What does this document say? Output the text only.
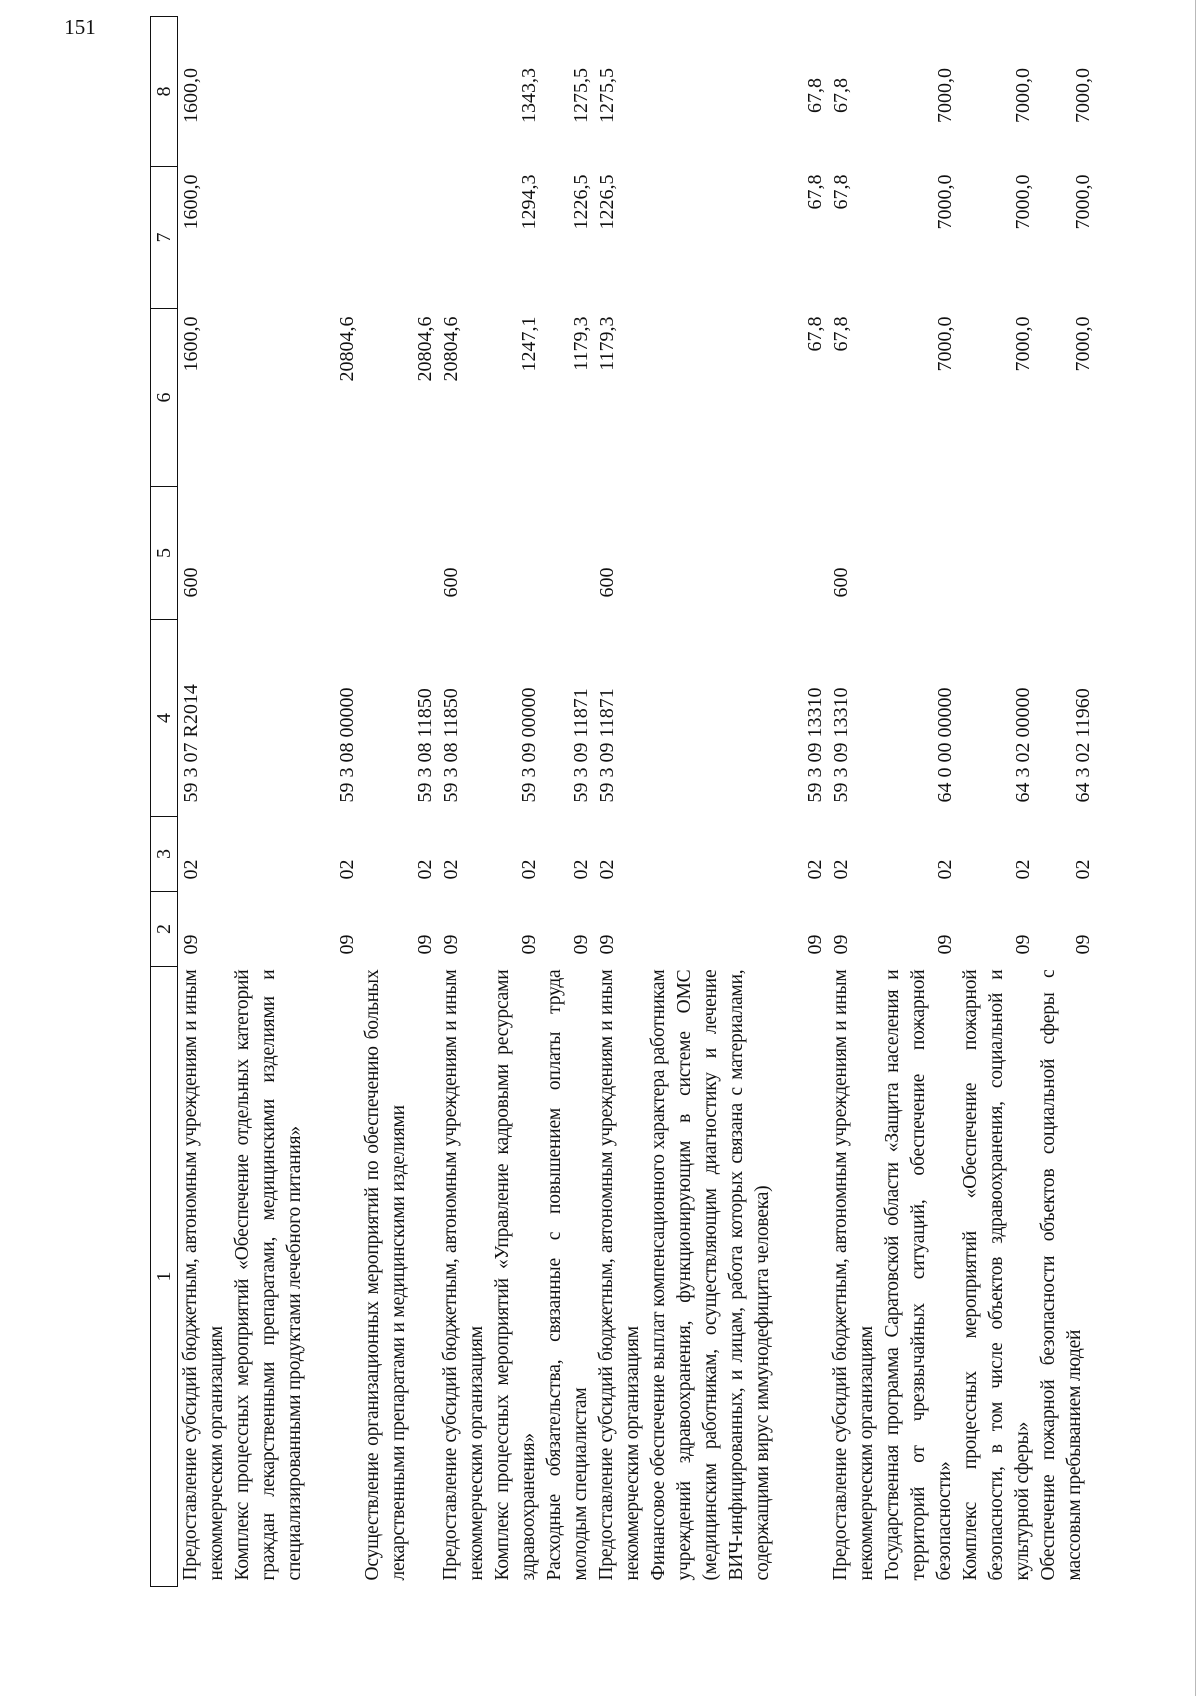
151
1	2	3	4	5	6	7	8
Предоставление субсидий бюджетным, автономным учреждениям и иным некоммерческим организациям	09	02	59 3 07 R2014	600	1600,0	1600,0	1600,0
Комплекс процессных мероприятий «Обеспечение отдельных категорий граждан лекарственными препаратами, медицинскими изделиями и специализированными продуктами лечебного питания»	09	02	59 3 08 00000		20804,6		
Осуществление организационных мероприятий по обеспечению больных лекарственными препаратами и медицинскими изделиями	09	02	59 3 08 11850		20804,6		
Предоставление субсидий бюджетным, автономным учреждениям и иным некоммерческим организациям	09	02	59 3 08 11850	600	20804,6		
Комплекс процессных мероприятий «Управление кадровыми ресурсами здравоохранения»	09	02	59 3 09 00000		1247,1	1294,3	1343,3
Расходные обязательства, связанные с повышением оплаты труда молодым специалистам	09	02	59 3 09 11871		1179,3	1226,5	1275,5
Предоставление субсидий бюджетным, автономным учреждениям и иным некоммерческим организациям	09	02	59 3 09 11871	600	1179,3	1226,5	1275,5
Финансовое обеспечение выплат компенсационного характера работникам учреждений здравоохранения, функционирующим в системе ОМС (медицинским работникам, осуществляющим диагностику и лечение ВИЧ-инфицированных, и лицам, работа которых связана с материалами, содержащими вирус иммунодефицита человека)	09	02	59 3 09 13310		67,8	67,8	67,8
Предоставление субсидий бюджетным, автономным учреждениям и иным некоммерческим организациям	09	02	59 3 09 13310	600	67,8	67,8	67,8
Государственная программа Саратовской области «Защита населения и территорий от чрезвычайных ситуаций, обеспечение пожарной безопасности»	09	02	64 0 00 00000		7000,0	7000,0	7000,0
Комплекс процессных мероприятий «Обеспечение пожарной безопасности, в том числе объектов здравоохранения, социальной и культурной сферы»	09	02	64 3 02 00000		7000,0	7000,0	7000,0
Обеспечение пожарной безопасности объектов социальной сферы с массовым пребыванием людей	09	02	64 3 02 11960		7000,0	7000,0	7000,0
